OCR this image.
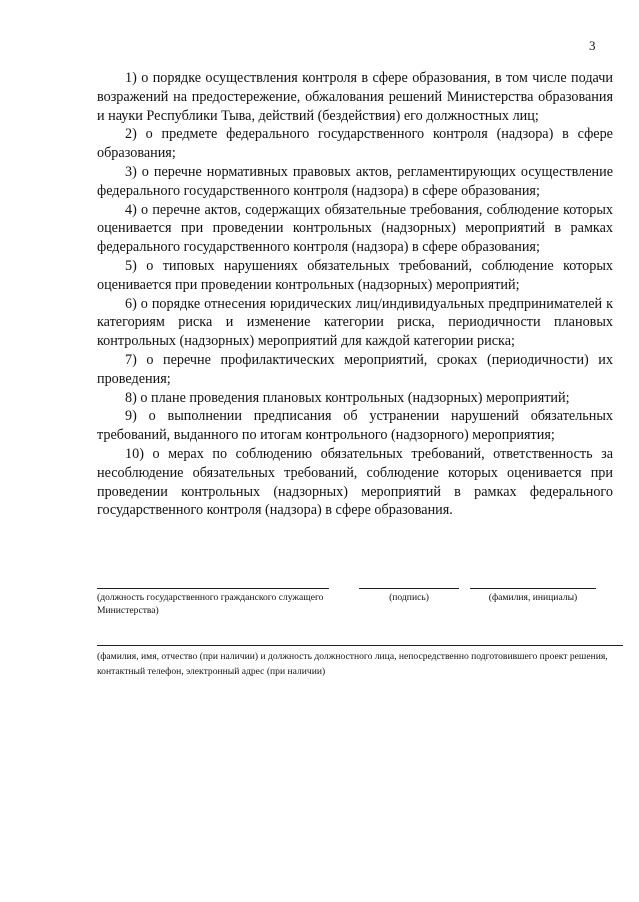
3

1) о порядке осуществления контроля в сфере образования, в том числе подачи возражений на предостережение, обжалования решений Министерства образования и науки Республики Тыва, действий (бездействия) его должностных лиц;

2) о предмете федерального государственного контроля (надзора) в сфере образования;

3) о перечне нормативных правовых актов, регламентирующих осуществление федерального государственного контроля (надзора) в сфере образования;

4) о перечне актов, содержащих обязательные требования, соблюдение которых оценивается при проведении контрольных (надзорных) мероприятий в рамках федерального государственного контроля (надзора) в сфере образования;

5) о типовых нарушениях обязательных требований, соблюдение которых оценивается при проведении контрольных (надзорных) мероприятий;

6) о порядке отнесения юридических лиц/индивидуальных предпринимателей к категориям риска и изменение категории риска, периодичности плановых контрольных (надзорных) мероприятий для каждой категории риска;

7) о перечне профилактических мероприятий, сроках (периодичности) их проведения;

8) о плане проведения плановых контрольных (надзорных) мероприятий;

9) о выполнении предписания об устранении нарушений обязательных требований, выданного по итогам контрольного (надзорного) мероприятия;

10) о мерах по соблюдению обязательных требований, ответственность за несоблюдение обязательных требований, соблюдение которых оценивается при проведении контрольных (надзорных) мероприятий в рамках федерального государственного контроля (надзора) в сфере образования.

(должность государственного гражданского служащего Министерства)
(подпись)	(фамилия, инициалы)
(фамилия, имя, отчество (при наличии) и должность должностного лица, непосредственно подготовившего проект решения, контактный телефон, электронный адрес (при наличии)
